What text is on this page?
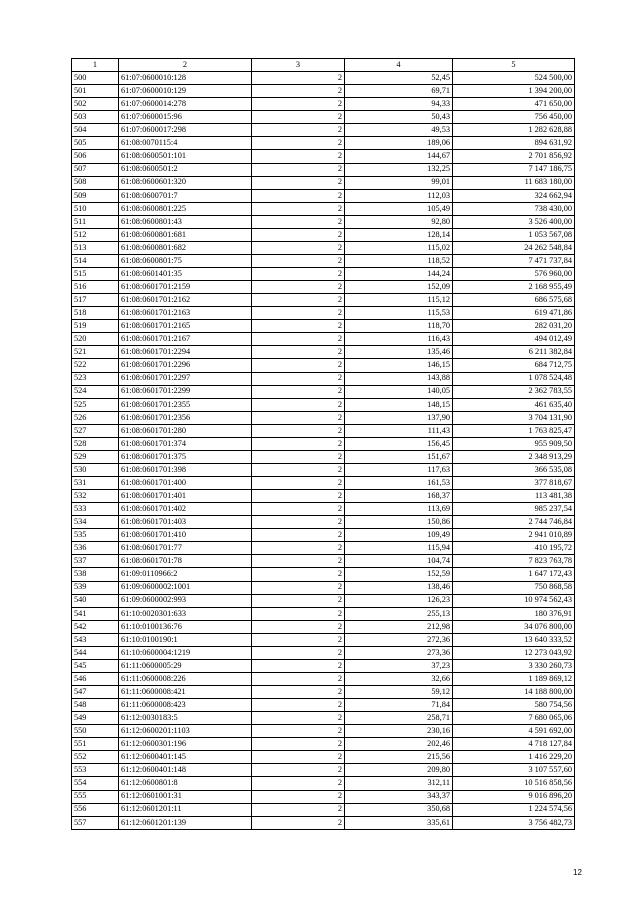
1	2	3	4	5
500	61:07:0600010:128	2	52,45	524 500,00
501	61:07:0600010:129	2	69,71	1 394 200,00
502	61:07:0600014:278	2	94,33	471 650,00
503	61:07:0600015:96	2	50,43	756 450,00
504	61:07:0600017:298	2	49,53	1 282 628,88
505	61:08:0070115:4	2	189,06	894 631,92
506	61:08:0600501:101	2	144,67	2 701 856,92
507	61:08:0600501:2	2	132,25	7 147 186,75
508	61:08:0600601:320	2	99,01	11 683 180,00
509	61:08:0600701:7	2	112,03	324 662,94
510	61:08:0600801:225	2	105,49	738 430,00
511	61:08:0600801:43	2	92,80	3 526 400,00
512	61:08:0600801:681	2	128,14	1 053 567,08
513	61:08:0600801:682	2	115,02	24 262 548,84
514	61:08:0600801:75	2	118,52	7 471 737,84
515	61:08:0601401:35	2	144,24	576 960,00
516	61:08:0601701:2159	2	152,09	2 168 955,49
517	61:08:0601701:2162	2	115,12	686 575,68
518	61:08:0601701:2163	2	115,53	619 471,86
519	61:08:0601701:2165	2	118,70	282 031,20
520	61:08:0601701:2167	2	116,43	494 012,49
521	61:08:0601701:2294	2	135,46	6 211 382,84
522	61:08:0601701:2296	2	146,15	684 712,75
523	61:08:0601701:2297	2	143,88	1 078 524,48
524	61:08:0601701:2299	2	140,05	2 362 783,55
525	61:08:0601701:2355	2	148,15	461 635,40
526	61:08:0601701:2356	2	137,90	3 704 131,90
527	61:08:0601701:280	2	111,43	1 763 825,47
528	61:08:0601701:374	2	156,45	955 909,50
529	61:08:0601701:375	2	151,67	2 348 913,29
530	61:08:0601701:398	2	117,63	366 535,08
531	61:08:0601701:400	2	161,53	377 818,67
532	61:08:0601701:401	2	168,37	113 481,38
533	61:08:0601701:402	2	113,69	985 237,54
534	61:08:0601701:403	2	150,86	2 744 746,84
535	61:08:0601701:410	2	109,49	2 941 010,89
536	61:08:0601701:77	2	115,94	410 195,72
537	61:08:0601701:78	2	104,74	7 823 763,78
538	61:09:0110966:2	2	152,59	1 647 172,43
539	61:09:0600002:1001	2	138,46	750 868,58
540	61:09:0600002:993	2	126,23	10 974 562,43
541	61:10:0020301:633	2	255,13	180 376,91
542	61:10:0100136:76	2	212,98	34 076 800,00
543	61:10:0100190:1	2	272,36	13 640 333,52
544	61:10:0600004:1219	2	273,36	12 273 043,92
545	61:11:0600005:29	2	37,23	3 330 260,73
546	61:11:0600008:226	2	32,66	1 189 869,12
547	61:11:0600008:421	2	59,12	14 188 800,00
548	61:11:0600008:423	2	71,84	580 754,56
549	61:12:0030183:5	2	258,71	7 680 065,06
550	61:12:0600201:1103	2	230,16	4 591 692,00
551	61:12:0600301:196	2	202,46	4 718 127,84
552	61:12:0600401:145	2	215,56	1 416 229,20
553	61:12:0600401:148	2	209,80	3 107 557,60
554	61:12:0600801:8	2	312,11	10 516 858,56
555	61:12:0601001:31	2	343,37	9 016 896,20
556	61:12:0601201:11	2	350,68	1 224 574,56
557	61:12:0601201:139	2	335,61	3 756 482,73
12
